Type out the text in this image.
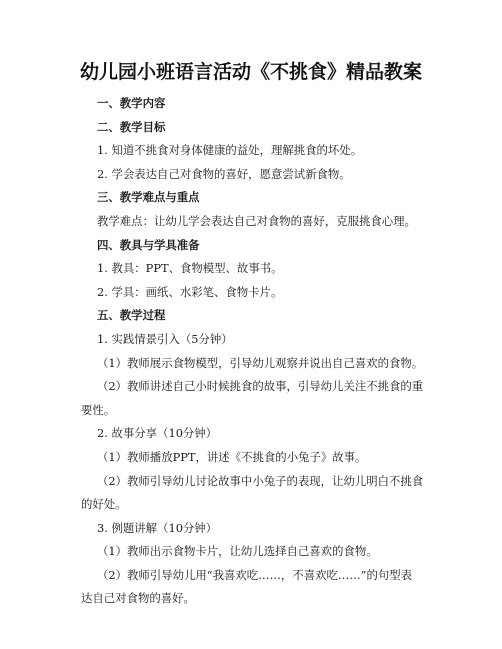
幼儿园小班语言活动《不挑食》精品教案
一、教学内容
二、教学目标
1. 知道不挑食对身体健康的益处，理解挑食的坏处。
2. 学会表达自己对食物的喜好，愿意尝试新食物。
三、教学难点与重点
教学难点：让幼儿学会表达自己对食物的喜好，克服挑食心理。
四、教具与学具准备
1. 教具：PPT、食物模型、故事书。
2. 学具：画纸、水彩笔、食物卡片。
五、教学过程
1. 实践情景引入（5分钟）
（1）教师展示食物模型，引导幼儿观察并说出自己喜欢的食物。
（2）教师讲述自己小时候挑食的故事，引导幼儿关注不挑食的重
要性。
2. 故事分享（10分钟）
（1）教师播放PPT，讲述《不挑食的小兔子》故事。
（2）教师引导幼儿讨论故事中小兔子的表现，让幼儿明白不挑食
的好处。
3. 例题讲解（10分钟）
（1）教师出示食物卡片，让幼儿选择自己喜欢的食物。
（2）教师引导幼儿用“我喜欢吃……，不喜欢吃……”的句型表
达自己对食物的喜好。
